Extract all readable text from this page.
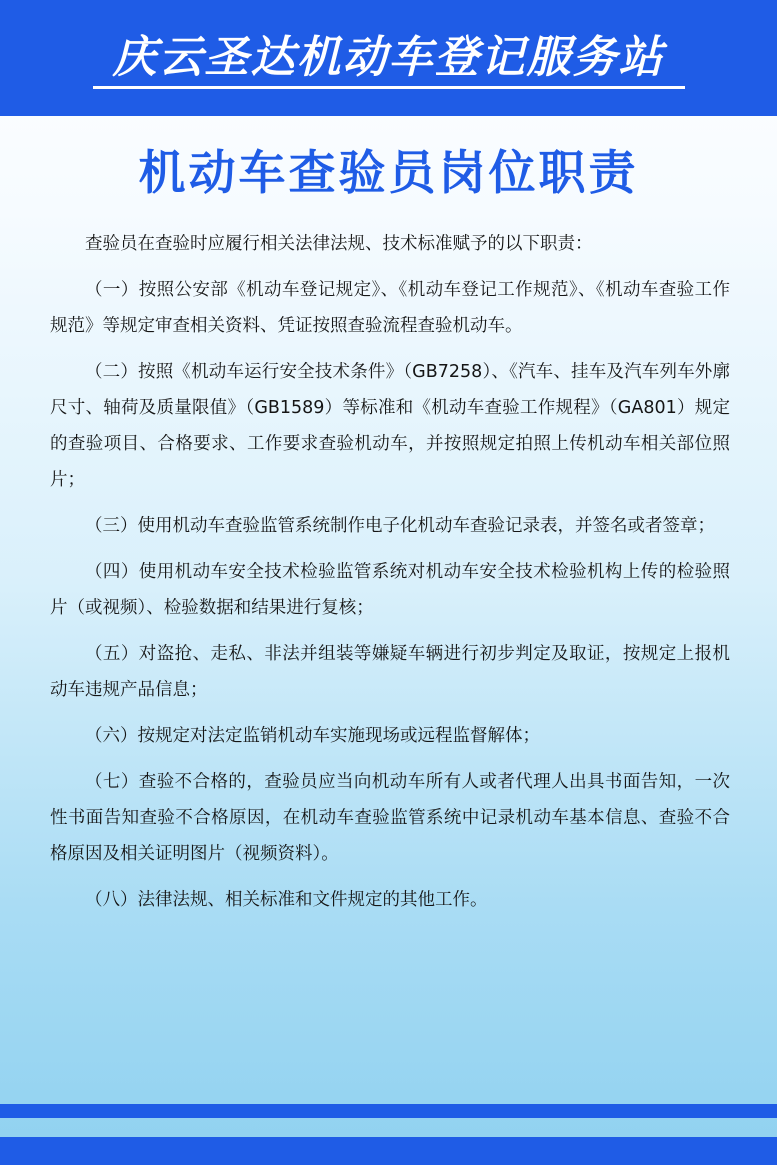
庆云圣达机动车登记服务站
机动车查验员岗位职责

查验员在查验时应履行相关法律法规、技术标准赋予的以下职责：

（一）按照公安部《机动车登记规定》、《机动车登记工作规范》、《机动车查验工作规范》等规定审查相关资料、凭证按照查验流程查验机动车。

（二）按照《机动车运行安全技术条件》（GB7258）、《汽车、挂车及汽车列车外廓尺寸、轴荷及质量限值》（GB1589）等标准和《机动车查验工作规程》（GA801）规定的查验项目、合格要求、工作要求查验机动车，并按照规定拍照上传机动车相关部位照片；

（三）使用机动车查验监管系统制作电子化机动车查验记录表，并签名或者签章；

（四）使用机动车安全技术检验监管系统对机动车安全技术检验机构上传的检验照片（或视频）、检验数据和结果进行复核；

（五）对盗抢、走私、非法并组装等嫌疑车辆进行初步判定及取证，按规定上报机动车违规产品信息；

（六）按规定对法定监销机动车实施现场或远程监督解体；

（七）查验不合格的，查验员应当向机动车所有人或者代理人出具书面告知，一次性书面告知查验不合格原因，在机动车查验监管系统中记录机动车基本信息、查验不合格原因及相关证明图片（视频资料）。

（八）法律法规、相关标准和文件规定的其他工作。
